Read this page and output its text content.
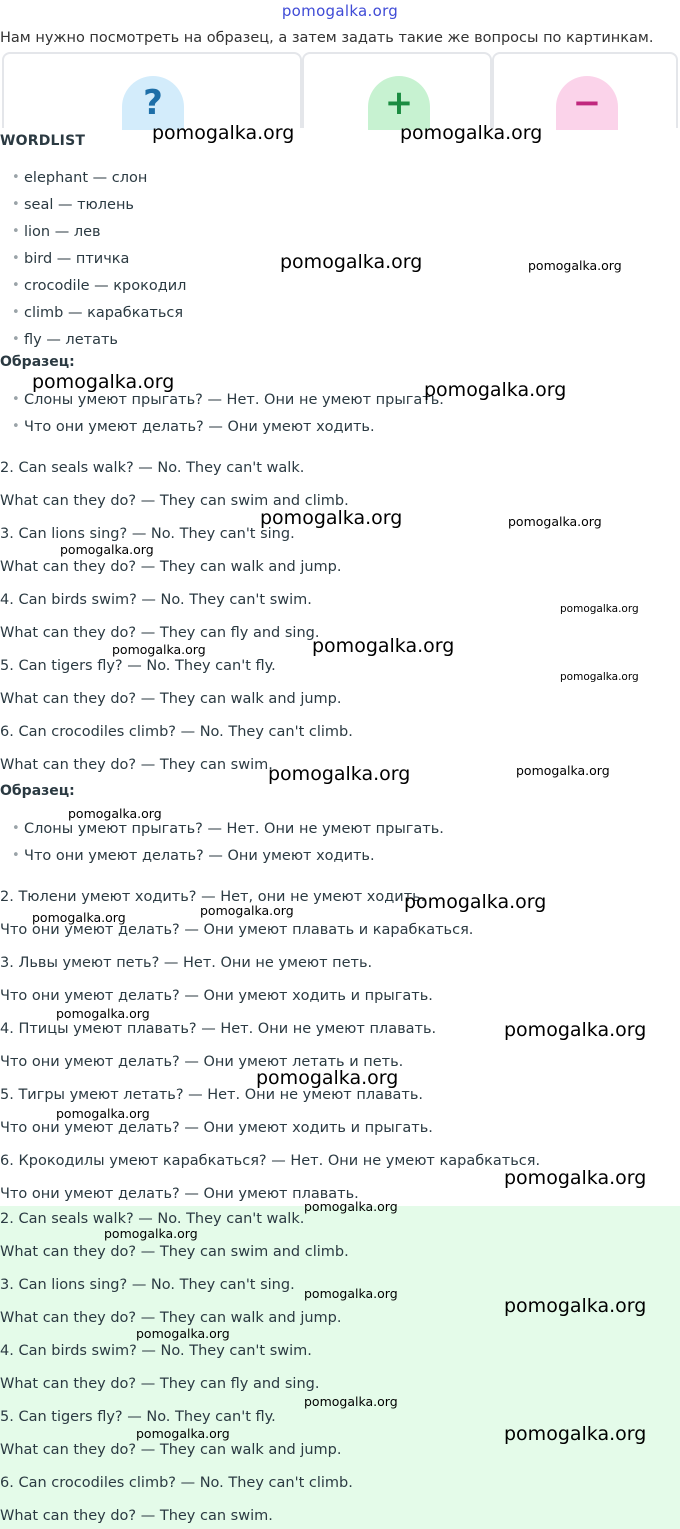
pomogalka.org
Нам нужно посмотреть на образец, а затем задать такие же вопросы по картинкам.
?	+	−
WORDLIST
• elephant — слон
• seal — тюлень
• lion — лев
• bird — птичка
• crocodile — крокодил
• climb — карабкаться
• fly — летать
Образец:
• Слоны умеют прыгать? — Нет. Они не умеют прыгать.
• Что они умеют делать? — Они умеют ходить.
2. Can seals walk? — No. They can't walk.
What can they do? — They can swim and climb.
3. Can lions sing? — No. They can't sing.
What can they do? — They can walk and jump.
4. Can birds swim? — No. They can't swim.
What can they do? — They can fly and sing.
5. Can tigers fly? — No. They can't fly.
What can they do? — They can walk and jump.
6. Can crocodiles climb? — No. They can't climb.
What can they do? — They can swim.
Образец:
• Слоны умеют прыгать? — Нет. Они не умеют прыгать.
• Что они умеют делать? — Они умеют ходить.
2. Тюлени умеют ходить? — Нет, они не умеют ходить.
Что они умеют делать? — Они умеют плавать и карабкаться.
3. Львы умеют петь? — Нет. Они не умеют петь.
Что они умеют делать? — Они умеют ходить и прыгать.
4. Птицы умеют плавать? — Нет. Они не умеют плавать.
Что они умеют делать? — Они умеют летать и петь.
5. Тигры умеют летать? — Нет. Они не умеют плавать.
Что они умеют делать? — Они умеют ходить и прыгать.
6. Крокодилы умеют карабкаться? — Нет. Они не умеют карабкаться.
Что они умеют делать? — Они умеют плавать.
2. Can seals walk? — No. They can't walk.
What can they do? — They can swim and climb.
3. Can lions sing? — No. They can't sing.
What can they do? — They can walk and jump.
4. Can birds swim? — No. They can't swim.
What can they do? — They can fly and sing.
5. Can tigers fly? — No. They can't fly.
What can they do? — They can walk and jump.
6. Can crocodiles climb? — No. They can't climb.
What can they do? — They can swim.
pomogalka.org	pomogalka.org
pomogalka.org	pomogalka.org
pomogalka.org	pomogalka.org
pomogalka.org	pomogalka.org
pomogalka.org
pomogalka.org
pomogalka.org
pomogalka.org
pomogalka.org
pomogalka.org	pomogalka.org
pomogalka.org
pomogalka.org
pomogalka.org
pomogalka.org
pomogalka.org
pomogalka.org
pomogalka.org
pomogalka.org
pomogalka.org
pomogalka.org
pomogalka.org
pomogalka.org
pomogalka.org
pomogalka.org
pomogalka.org
pomogalka.org	pomogalka.org
